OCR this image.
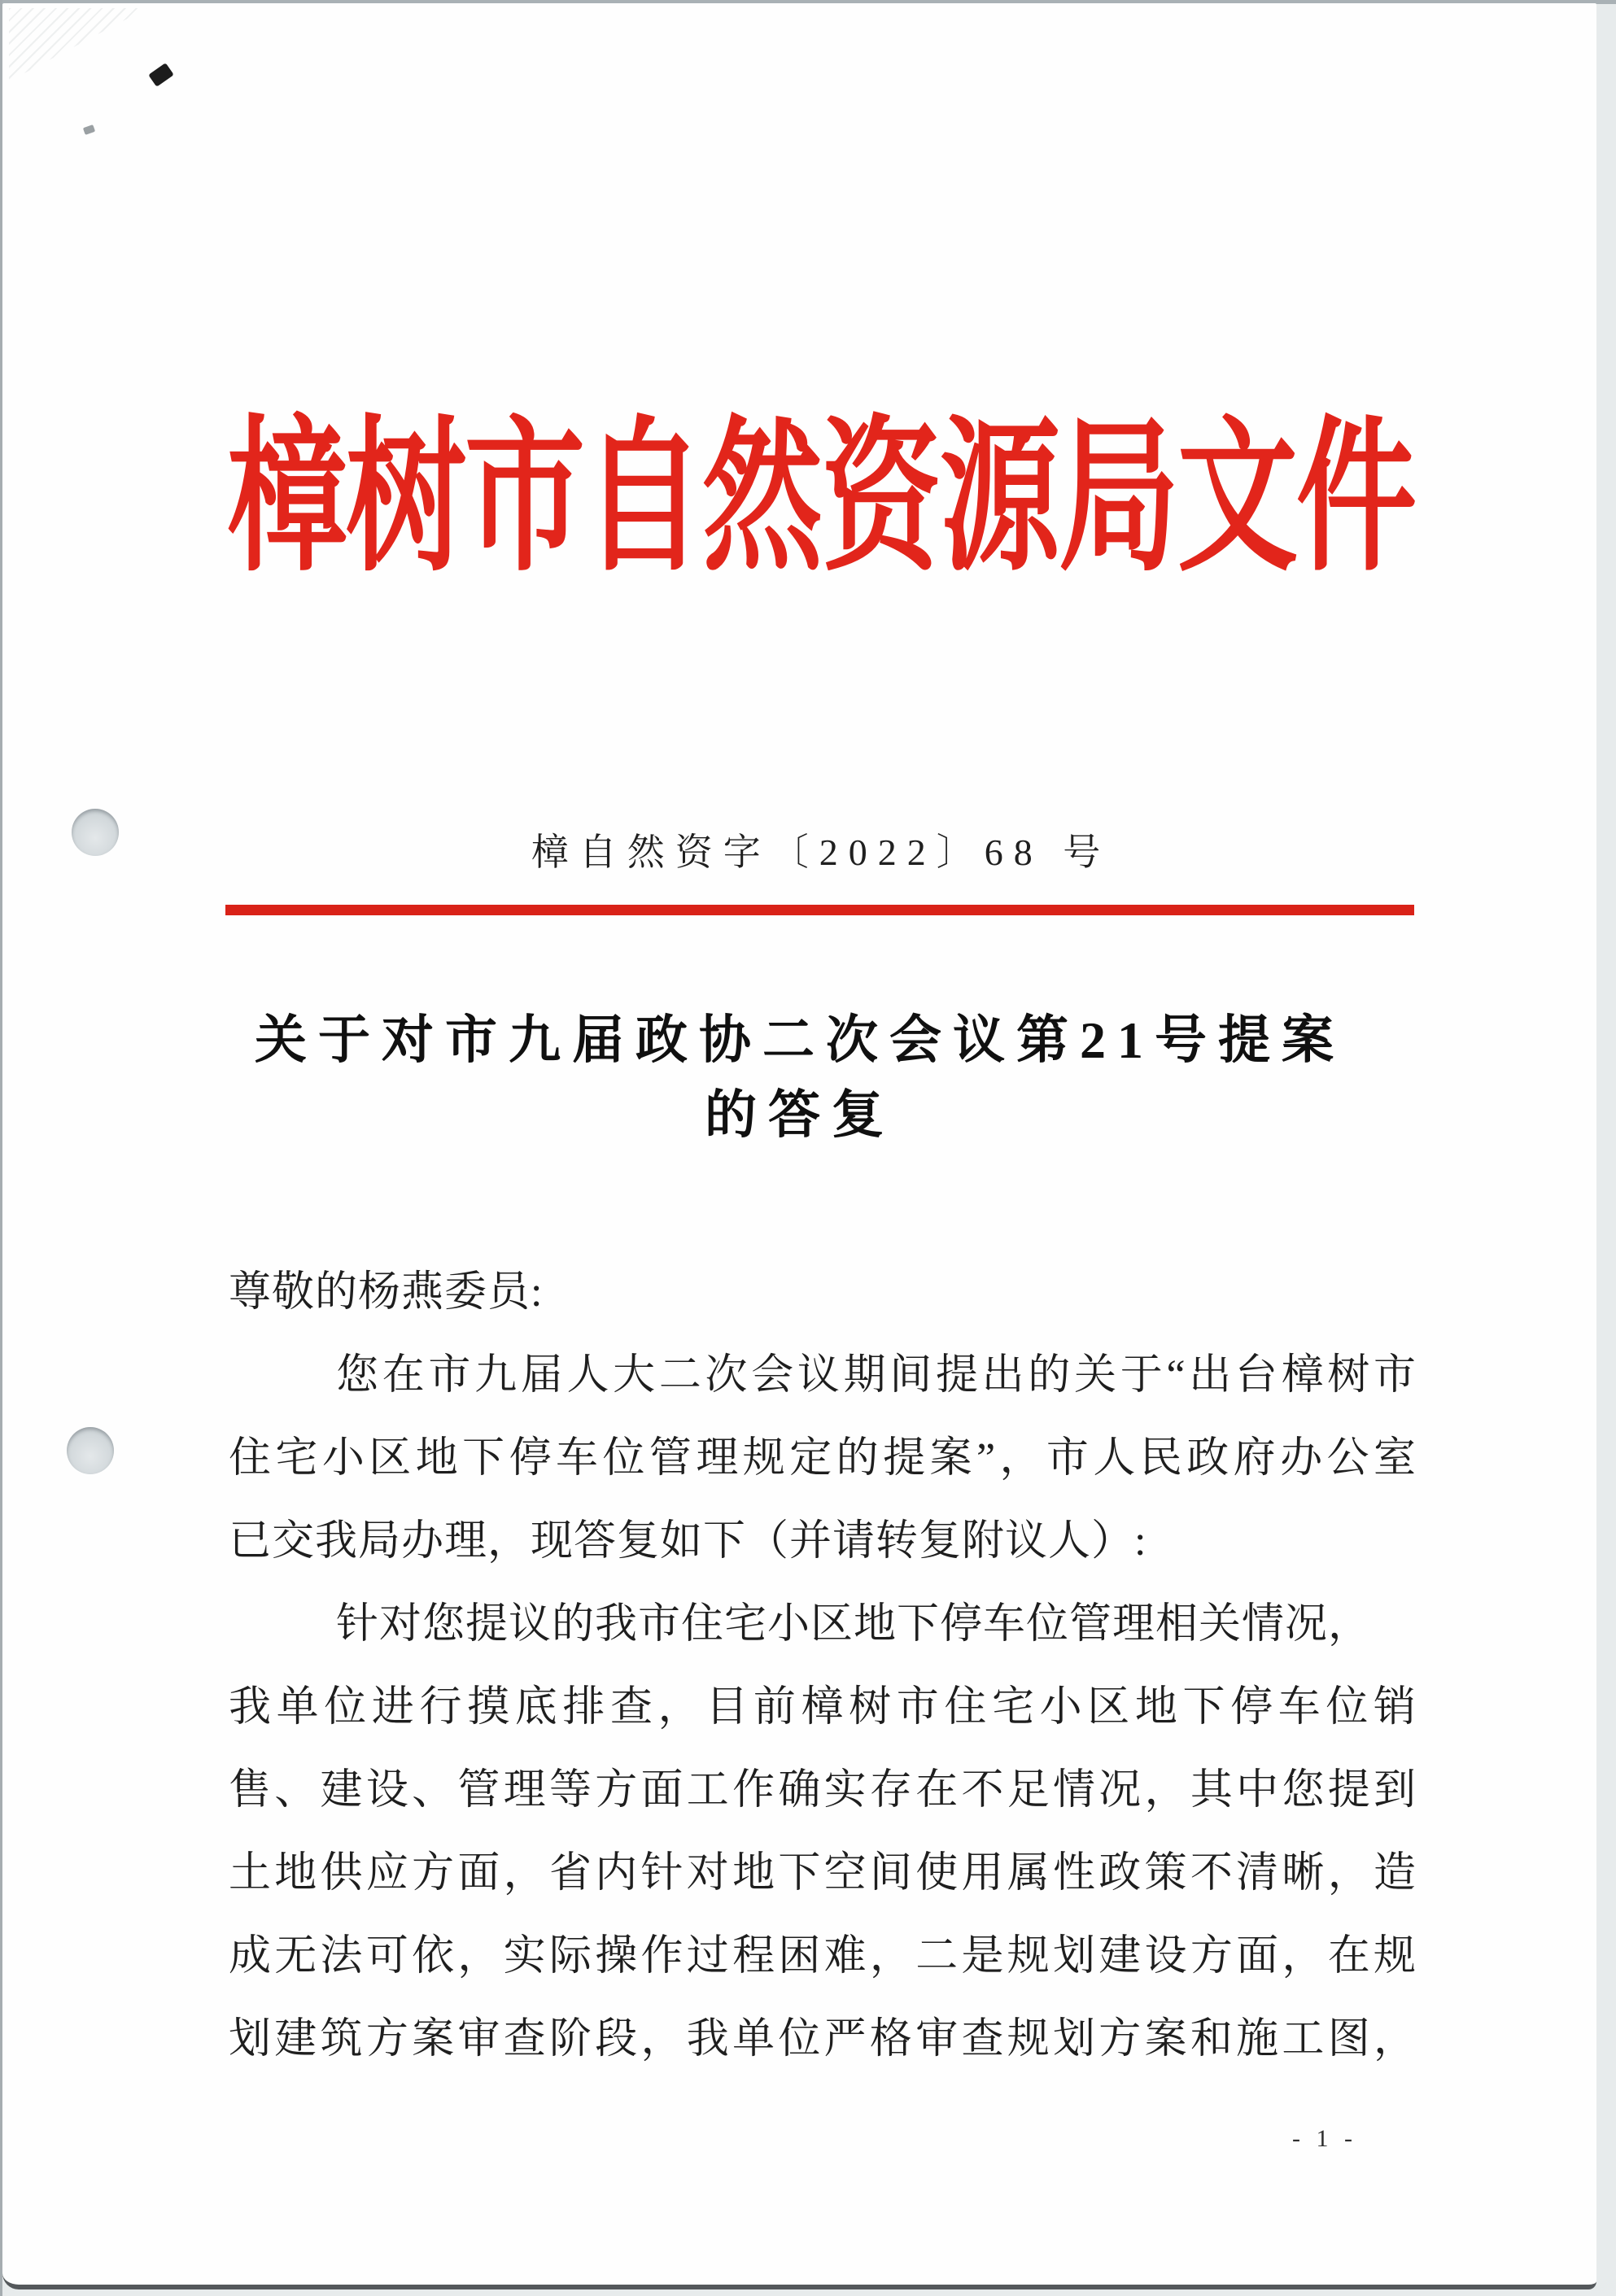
樟树市自然资源局文件
樟自然资字〔2022〕68 号
关于对市九届政协二次会议第21号提案
的答复
尊敬的杨燕委员:
您在市九届人大二次会议期间提出的关于“出台樟树市
住宅小区地下停车位管理规定的提案”，市人民政府办公室
已交我局办理，现答复如下（并请转复附议人）:
针对您提议的我市住宅小区地下停车位管理相关情况，
我单位进行摸底排查，目前樟树市住宅小区地下停车位销
售、建设、管理等方面工作确实存在不足情况，其中您提到
土地供应方面，省内针对地下空间使用属性政策不清晰，造
成无法可依，实际操作过程困难，二是规划建设方面，在规
划建筑方案审查阶段，我单位严格审查规划方案和施工图，
- 1 -
